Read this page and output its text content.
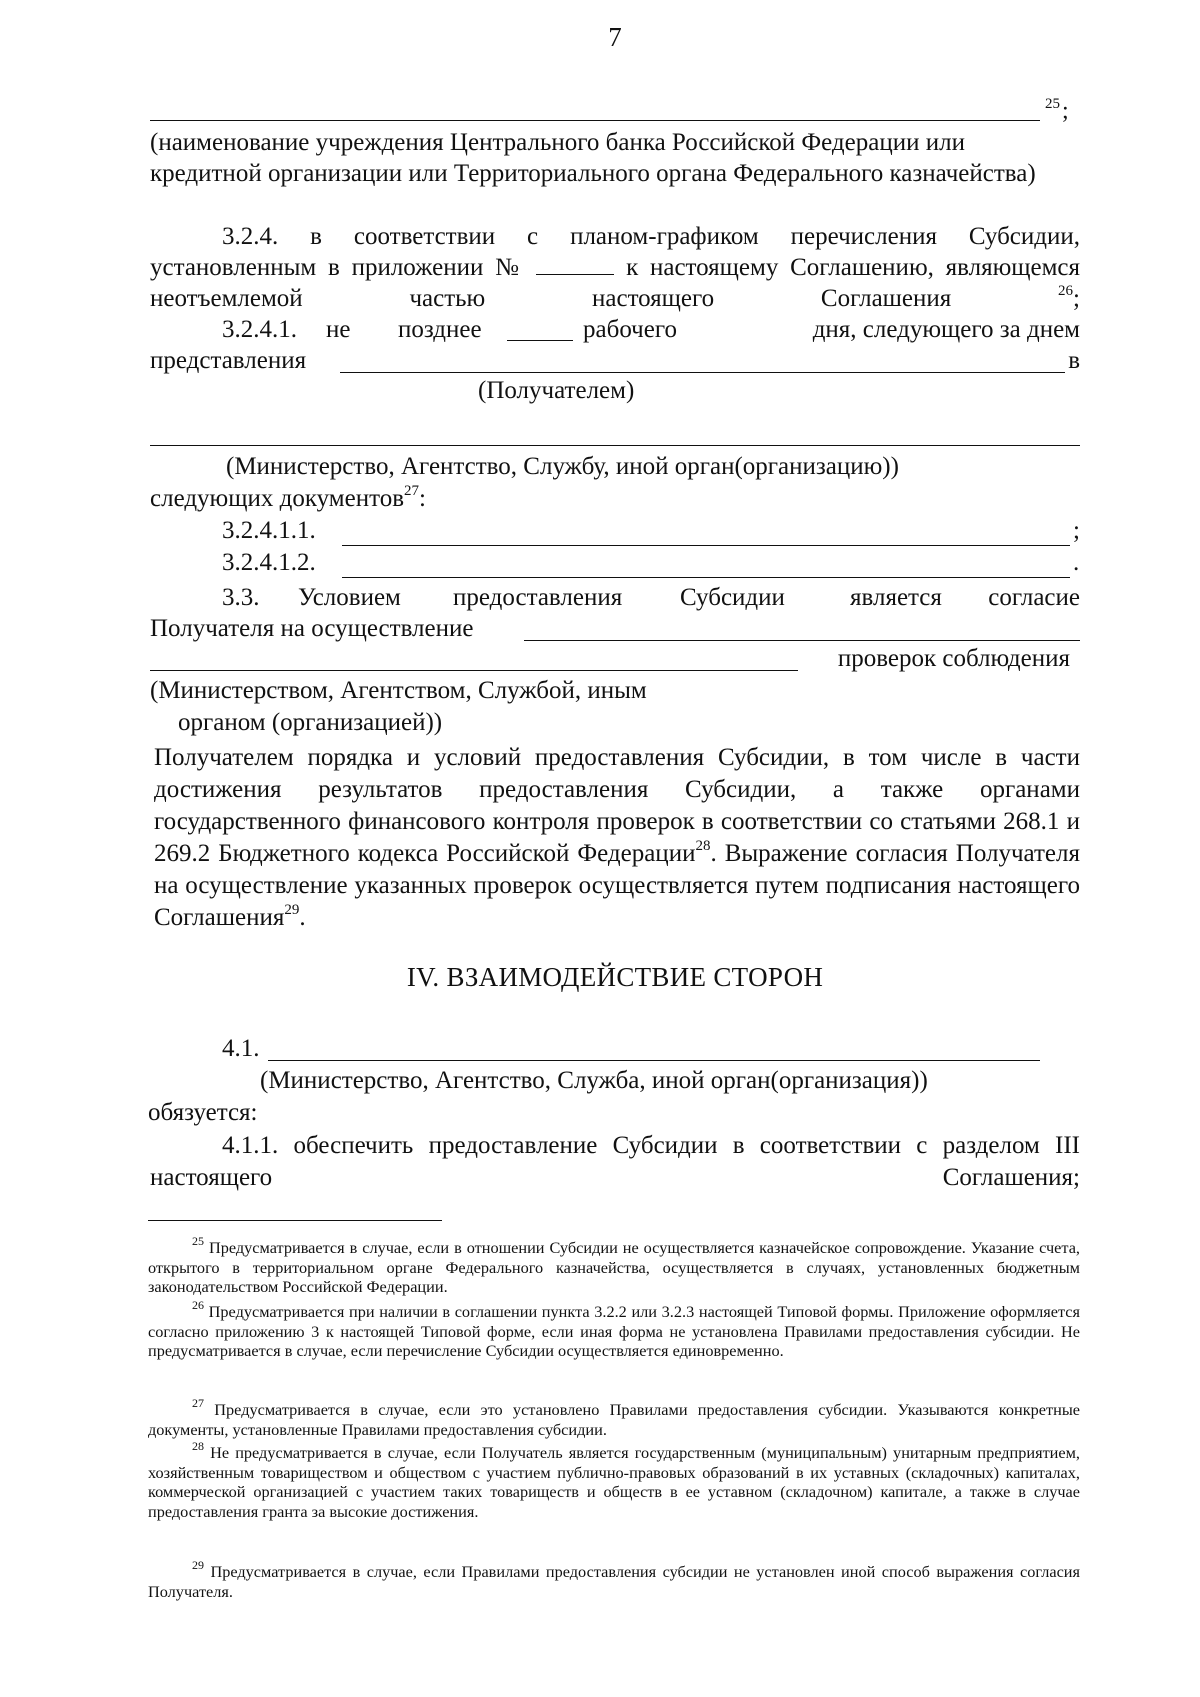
7
25 ;
(наименование учреждения Центрального банка Российской Федерации или кредитной организации или Территориального органа Федерального казначейства)
3.2.4. в соответствии с планом-графиком перечисления Субсидии, установленным в приложении №	к настоящему Соглашению, являющемся неотъемлемой частью настоящего Соглашения	$^{26}$;
3.2.4.1. не позднее	рабочего	дня, следующего за днем
представления	в
(Получателем)
(Министерство, Агентство, Службу, иной орган(организацию))
следующих документов$^{27}$:
3.2.4.1.1.	;
3.2.4.1.2.	.
3.3. Условием предоставления Субсидии	является согласие
Получателя на осуществление
проверок соблюдения
(Министерством, Агентством, Службой, иным
органом (организацией))
Получателем порядка и условий предоставления Субсидии, в том числе в части достижения результатов предоставления Субсидии, а также органами государственного финансового контроля проверок в соответствии со статьями 268.1 и 269.2 Бюджетного кодекса Российской Федерации$^{28}$. Выражение согласия Получателя на осуществление указанных проверок осуществляется путем подписания настоящего Соглашения$^{29}$.
IV. ВЗАИМОДЕЙСТВИЕ СТОРОН
4.1.
(Министерство, Агентство, Служба, иной орган(организация))
обязуется:
4.1.1. обеспечить предоставление Субсидии в соответствии с разделом III настоящего Соглашения;
$^{25}$ Предусматривается в случае, если в отношении Субсидии не осуществляется казначейское сопровождение. Указание счета, открытого в территориальном органе Федерального казначейства, осуществляется в случаях, установленных бюджетным законодательством Российской Федерации.
$^{26}$ Предусматривается при наличии в соглашении пункта 3.2.2 или 3.2.3 настоящей Типовой формы. Приложение оформляется согласно приложению 3 к настоящей Типовой форме, если иная форма не установлена Правилами предоставления субсидии. Не предусматривается в случае, если перечисление Субсидии осуществляется единовременно.
$^{27}$ Предусматривается в случае, если это установлено Правилами предоставления субсидии. Указываются конкретные документы, установленные Правилами предоставления субсидии.
$^{28}$ Не предусматривается в случае, если Получатель является государственным (муниципальным) унитарным предприятием, хозяйственным товариществом и обществом с участием публично-правовых образований в их уставных (складочных) капиталах, коммерческой организацией с участием таких товариществ и обществ в ее уставном (складочном) капитале, а также в случае предоставления гранта за высокие достижения.
$^{29}$ Предусматривается в случае, если Правилами предоставления субсидии не установлен иной способ выражения согласия Получателя.
